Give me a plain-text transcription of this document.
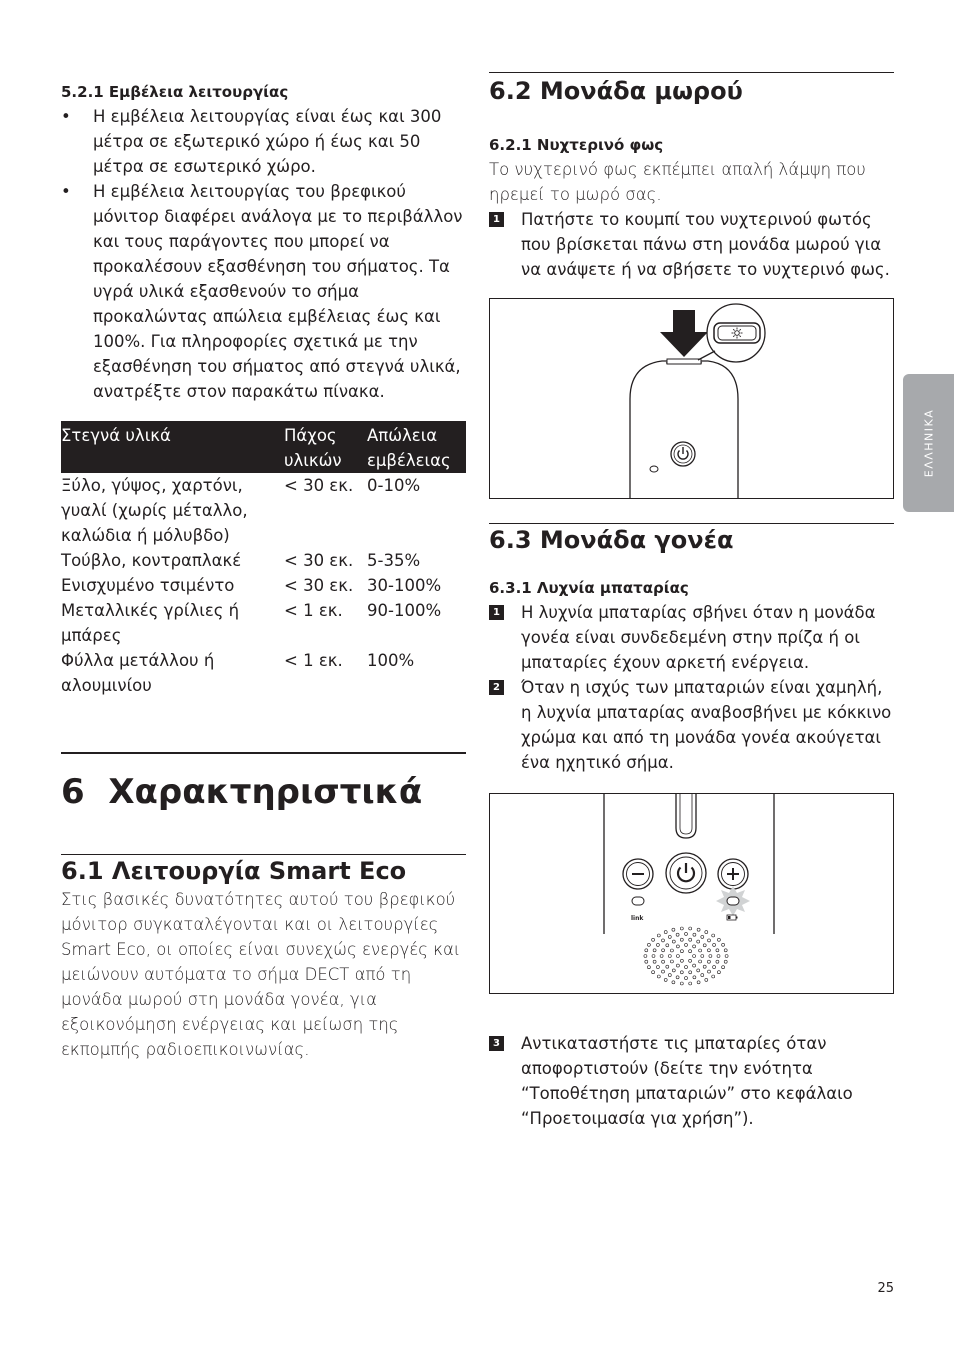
5.2.1 Εμβέλεια λειτουργίας
• Η εμβέλεια λειτουργίας είναι έως και 300 μέτρα σε εξωτερικό χώρο ή έως και 50 μέτρα σε εσωτερικό χώρο.
• Η εμβέλεια λειτουργίας του βρεφικού μόνιτορ διαφέρει ανάλογα με το περιβάλλον και τους παράγοντες που μπορεί να προκαλέσουν εξασθένηση του σήματος. Τα υγρά υλικά εξασθενούν το σήμα προκαλώντας απώλεια εμβέλειας έως και 100%. Για πληροφορίες σχετικά με την εξασθένηση του σήματος από στεγνά υλικά, ανατρέξτε στον παρακάτω πίνακα.
Στεγνά υλικά	Πάχος υλικών	Απώλεια εμβέλειας
Ξύλο, γύψος, χαρτόνι, γυαλί (χωρίς μέταλλο, καλώδια ή μόλυβδο)	< 30 εκ.	0-10%
Τούβλο, κοντραπλακέ	< 30 εκ.	5-35%
Ενισχυμένο τσιμέντο	< 30 εκ.	30-100%
Μεταλλικές γρίλιες ή μπάρες	< 1 εκ.	90-100%
Φύλλα μετάλλου ή αλουμινίου	< 1 εκ.	100%
6  Χαρακτηριστικά
6.1 Λειτουργία Smart Eco

Στις βασικές δυνατότητες αυτού του βρεφικού μόνιτορ συγκαταλέγονται και οι λειτουργίες Smart Eco, οι οποίες είναι συνεχώς ενεργές και μειώνουν αυτόματα το σήμα DECT από τη μονάδα μωρού στη μονάδα γονέα, για εξοικονόμηση ενέργειας και μείωση της εκπομπής ραδιοεπικοινωνίας.

6.2 Μονάδα μωρού
6.2.1 Νυχτερινό φως

Το νυχτερινό φως εκπέμπει απαλή λάμψη που ηρεμεί το μωρό σας.

1 Πατήστε το κουμπί του νυχτερινού φωτός που βρίσκεται πάνω στη μονάδα μωρού για να ανάψετε ή να σβήσετε το νυχτερινό φως.
6.3 Μονάδα γονέα
6.3.1 Λυχνία μπαταρίας
1 Η λυχνία μπαταρίας σβήνει όταν η μονάδα γονέα είναι συνδεδεμένη στην πρίζα ή οι μπαταρίες έχουν αρκετή ενέργεια.
2 Όταν η ισχύς των μπαταριών είναι χαμηλή, η λυχνία μπαταρίας αναβοσβήνει με κόκκινο χρώμα και από τη μονάδα γονέα ακούγεται ένα ηχητικό σήμα.
link
3 Αντικαταστήστε τις μπαταρίες όταν αποφορτιστούν (δείτε την ενότητα “Τοποθέτηση μπαταριών” στο κεφάλαιο “Προετοιμασία για χρήση”).
ΕΛΛΗΝΙΚΑ
25
